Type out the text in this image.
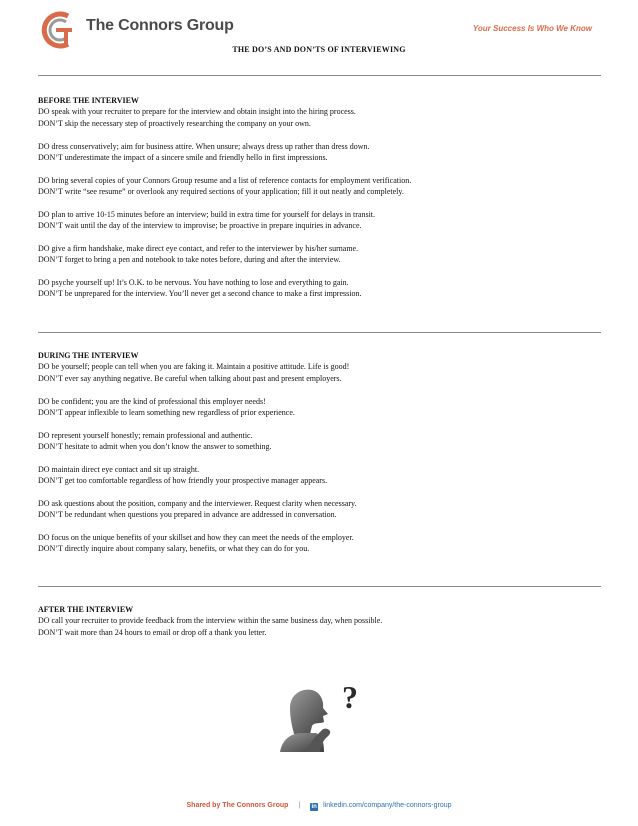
The Connors Group	Your Success Is Who We Know
THE DO’S AND DON’TS OF INTERVIEWING
BEFORE THE INTERVIEW
DO speak with your recruiter to prepare for the interview and obtain insight into the hiring process.
DON’T skip the necessary step of proactively researching the company on your own.
DO dress conservatively; aim for business attire. When unsure; always dress up rather than dress down.
DON’T underestimate the impact of a sincere smile and friendly hello in first impressions.
DO bring several copies of your Connors Group resume and a list of reference contacts for employment verification.
DON’T write “see resume” or overlook any required sections of your application; fill it out neatly and completely.
DO plan to arrive 10-15 minutes before an interview; build in extra time for yourself for delays in transit.
DON’T wait until the day of the interview to improvise; be proactive in prepare inquiries in advance.
DO give a firm handshake, make direct eye contact, and refer to the interviewer by his/her surname.
DON’T forget to bring a pen and notebook to take notes before, during and after the interview.
DO psyche yourself up! It’s O.K. to be nervous. You have nothing to lose and everything to gain.
DON’T be unprepared for the interview. You’ll never get a second chance to make a first impression.
DURING THE INTERVIEW
DO be yourself; people can tell when you are faking it. Maintain a positive attitude. Life is good!
DON’T ever say anything negative. Be careful when talking about past and present employers.
DO be confident; you are the kind of professional this employer needs!
DON’T appear inflexible to learn something new regardless of prior experience.
DO represent yourself honestly; remain professional and authentic.
DON’T hesitate to admit when you don’t know the answer to something.
DO maintain direct eye contact and sit up straight.
DON’T get too comfortable regardless of how friendly your prospective manager appears.
DO ask questions about the position, company and the interviewer. Request clarity when necessary.
DON’T be redundant when questions you prepared in advance are addressed in conversation.
DO focus on the unique benefits of your skillset and how they can meet the needs of the employer.
DON’T directly inquire about company salary, benefits, or what they can do for you.
AFTER THE INTERVIEW
DO call your recruiter to provide feedback from the interview within the same business day, when possible.
DON’T wait more than 24 hours to email or drop off a thank you letter.
?
Shared by The Connors Group | in linkedin.com/company/the-connors-group
